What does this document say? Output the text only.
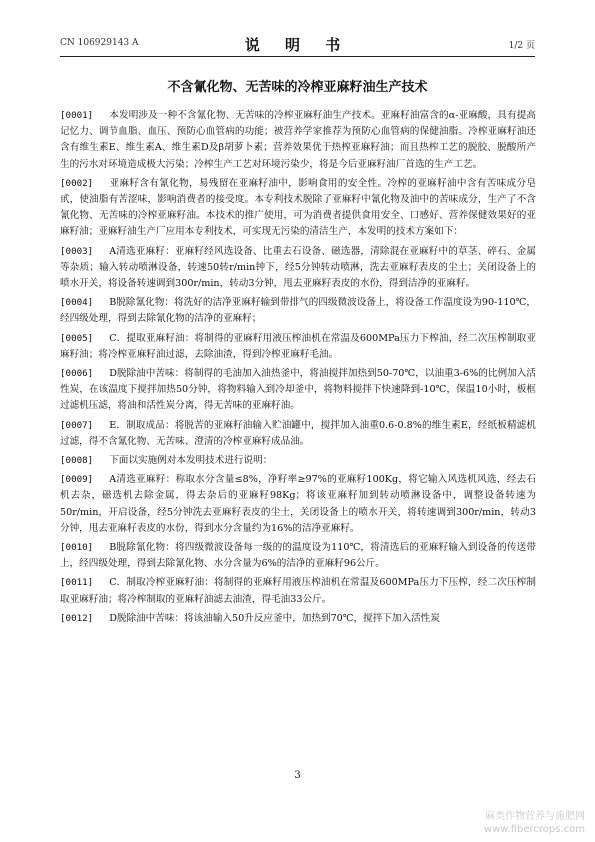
CN 106929143 A	说 明 书	1/2 页
不含氰化物、无苦味的冷榨亚麻籽油生产技术

[0001] 本发明涉及一种不含氰化物、无苦味的冷榨亚麻籽油生产技术。亚麻籽油富含的α-亚麻酸，具有提高记忆力、调节血脂、血压、预防心血管病的功能；被营养学家推荐为预防心血管病的保健油脂。冷榨亚麻籽油还含有维生素E、维生素A、维生素D及β胡萝卜素；营养效果优于热榨亚麻籽油；而且热榨工艺的脱胶、脱酸所产生的污水对环境造成极大污染；冷榨生产工艺对环境污染少，将是今后亚麻籽油厂首选的生产工艺。

[0002] 亚麻籽含有氰化物，易残留在亚麻籽油中，影响食用的安全性。冷榨的亚麻籽油中含有苦味成分皂甙，使油脂有苦涩味，影响消费者的接受度。本专利技术脱除了亚麻籽中氰化物及油中的苦味成分，生产了不含氰化物、无苦味的冷榨亚麻籽油。本技术的推广使用，可为消费者提供食用安全、口感好、营养保健效果好的亚麻籽油；亚麻籽油生产厂应用本专利技术，可实现无污染的清洁生产，本发明的技术方案如下：

[0003] A清选亚麻籽：亚麻籽经风选设备、比重去石设备、磁选器，清除混在亚麻籽中的草茎、碎石、金属等杂质；输入转动喷淋设备，转速50转r/min钟下，经5分钟转动喷淋，洗去亚麻籽表皮的尘土；关闭设备上的喷水开关，将设备转速调到300r/min，转动3分钟，甩去亚麻籽表皮的水份，得到洁净的亚麻籽。

[0004] B脱除氰化物：将洗好的洁净亚麻籽输到带排气的四级微波设备上，将设备工作温度设为90-110℃，经四级处理，得到去除氰化物的洁净的亚麻籽；

[0005] C．提取亚麻籽油：将制得的亚麻籽用液压榨油机在常温及600MPa压力下榨油，经二次压榨制取亚麻籽油；将冷榨亚麻籽油过滤，去除油渣，得到冷榨亚麻籽毛油。

[0006] D脱除油中苦味：将制得的毛油加入油热釜中，将油搅拌加热到50-70℃，以油重3-6%的比例加入活性炭，在该温度下搅拌加热50分钟，将物料输入到冷却釜中，将物料搅拌下快速降到-10℃，保温10小时，板框过滤机压滤，将油和活性炭分离，得无苦味的亚麻籽油。

[0007] E．制取成品：将脱苦的亚麻籽油输入贮油罐中，搅拌加入油重0.6-0.8%的维生素E，经纸板精滤机过滤，得不含氰化物、无苦味、澄清的冷榨亚麻籽成品油。

[0008] 下面以实施例对本发明技术进行说明：

[0009] A清选亚麻籽：称取水分含量≤8%，净籽率≥97%的亚麻籽100Kg，将它输入风选机风选，经去石机去杂，磁选机去除金属，得去杂后的亚麻籽98Kg；将该亚麻籽加到转动喷淋设备中，调整设备转速为50r/min，开启设备，经5分钟洗去亚麻籽表皮的尘土，关闭设备上的喷水开关，将转速调到300r/min，转动3分钟，甩去亚麻籽表皮的水份，得到水分含量约为16%的洁净亚麻籽。

[0010] B脱除氰化物：将四级微波设备每一级的的温度设为110℃，将清选后的亚麻籽输入到设备的传送带上，经四级处理，得到去除氰化物、水分含量为6%的洁净的亚麻籽96公斤。

[0011] C．制取冷榨亚麻籽油：将制得的亚麻籽用液压榨油机在常温及600MPa压力下压榨，经二次压榨制取亚麻籽油；将冷榨制取的亚麻籽油滤去油渣，得毛油33公斤。

[0012] D脱除油中苦味：将该油输入50升反应釜中，加热到70℃，搅拌下加入活性炭

3
麻类作物营养与施肥网
www.fibercrops.com
